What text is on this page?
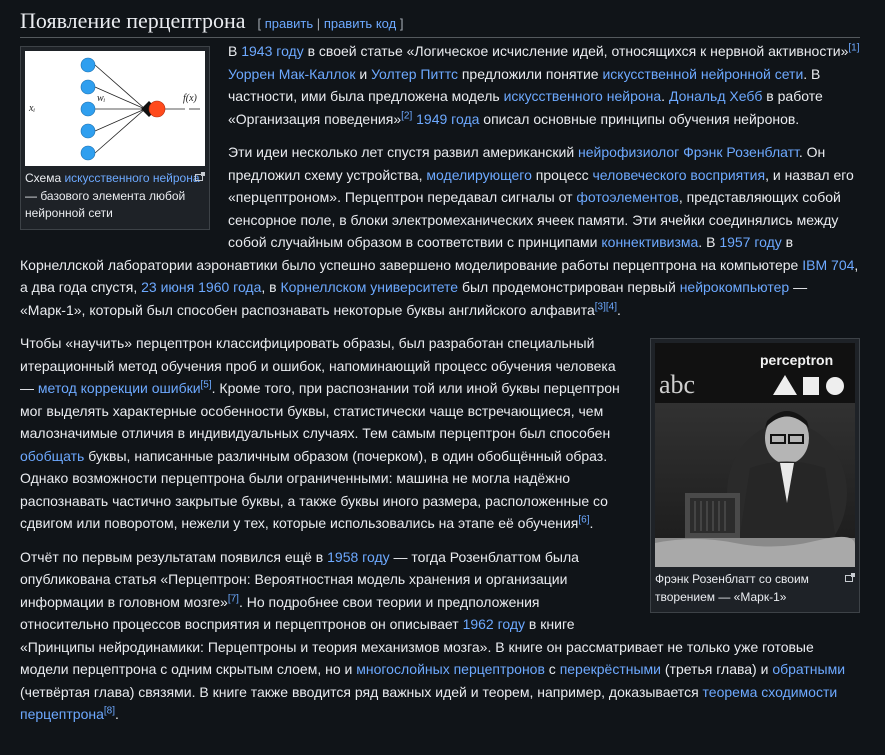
Появление перцептрона [ править | править код ]
xᵢ
wᵢ	f(x)
Схема искусственного нейрона — базового элемента любой нейронной сети

В 1943 году в своей статье «Логическое исчисление идей, относящихся к нервной активности»[1] Уоррен Мак-Каллок и Уолтер Питтс предложили понятие искусственной нейронной сети. В частности, ими была предложена модель искусственного нейрона. Дональд Хебб в работе «Организация поведения»[2] 1949 года описал основные принципы обучения нейронов.

Эти идеи несколько лет спустя развил американский нейрофизиолог Фрэнк Розенблатт. Он предложил схему устройства, моделирующего процесс человеческого восприятия, и назвал его «перцептроном». Перцептрон передавал сигналы от фотоэлементов, представляющих собой сенсорное поле, в блоки электромеханических ячеек памяти. Эти ячейки соединялись между собой случайным образом в соответствии с принципами коннективизма. В 1957 году в Корнеллской лаборатории аэронавтики было успешно завершено моделирование работы перцептрона на компьютере IBM 704, а два года спустя, 23 июня 1960 года, в Корнеллском университете был продемонстрирован первый нейрокомпьютер — «Марк-1», который был способен распознавать некоторые буквы английского алфавита[3][4].

perceptron
abc
Фрэнк Розенблатт со своим творением — «Марк-1»

Чтобы «научить» перцептрон классифицировать образы, был разработан специальный итерационный метод обучения проб и ошибок, напоминающий процесс обучения человека — метод коррекции ошибки[5]. Кроме того, при распознании той или иной буквы перцептрон мог выделять характерные особенности буквы, статистически чаще встречающиеся, чем малозначимые отличия в индивидуальных случаях. Тем самым перцептрон был способен обобщать буквы, написанные различным образом (почерком), в один обобщённый образ. Однако возможности перцептрона были ограниченными: машина не могла надёжно распознавать частично закрытые буквы, а также буквы иного размера, расположенные со сдвигом или поворотом, нежели у тех, которые использовались на этапе её обучения[6].

Отчёт по первым результатам появился ещё в 1958 году — тогда Розенблаттом была опубликована статья «Перцептрон: Вероятностная модель хранения и организации информации в головном мозге»[7]. Но подробнее свои теории и предположения относительно процессов восприятия и перцептронов он описывает 1962 году в книге «Принципы нейродинамики: Перцептроны и теория механизмов мозга». В книге он рассматривает не только уже готовые модели перцептрона с одним скрытым слоем, но и многослойных перцептронов с перекрёстными (третья глава) и обратными (четвёртая глава) связями. В книге также вводится ряд важных идей и теорем, например, доказывается теорема сходимости перцептрона[8].
